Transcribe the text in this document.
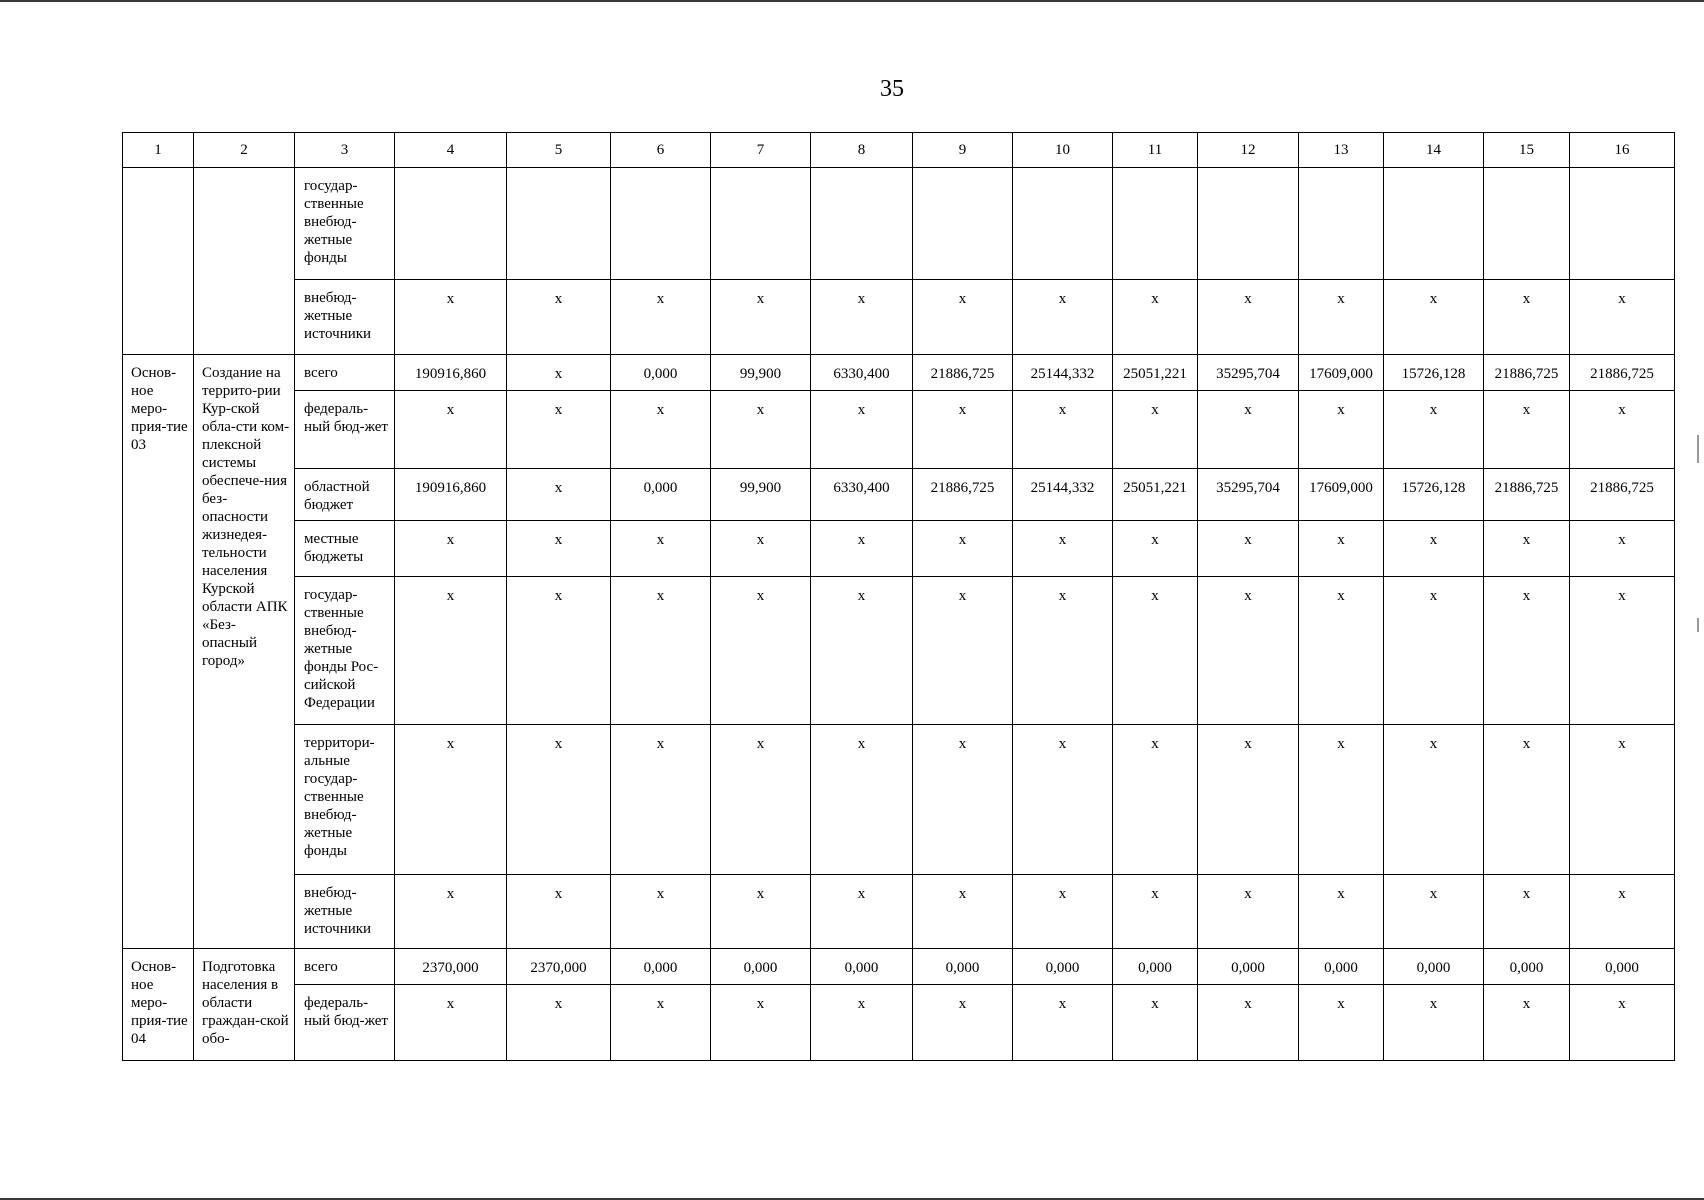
35
1	2	3	4	5	6	7	8	9	10	11	12	13	14	15	16
		государ-ственные внебюд-жетные фонды													
		внебюд-жетные источники	x	x	x	x	x	x	x	x	x	x	x	x	x
Основ-ное меро-прия-тие 03	Создание на террито-рии Кур-ской обла-сти ком-плексной системы обеспече-ния без-опасности жизнедея-тельности населения Курской области АПК «Без-опасный город»	всего	190916,860	x	0,000	99,900	6330,400	21886,725	25144,332	25051,221	35295,704	17609,000	15726,128	21886,725	21886,725
		федераль-ный бюд-жет	x	x	x	x	x	x	x	x	x	x	x	x	x
		областной бюджет	190916,860	x	0,000	99,900	6330,400	21886,725	25144,332	25051,221	35295,704	17609,000	15726,128	21886,725	21886,725
		местные бюджеты	x	x	x	x	x	x	x	x	x	x	x	x	x
		государ-ственные внебюд-жетные фонды Рос-сийской Федерации	x	x	x	x	x	x	x	x	x	x	x	x	x
		территори-альные государ-ственные внебюд-жетные фонды	x	x	x	x	x	x	x	x	x	x	x	x	x
		внебюд-жетные источники	x	x	x	x	x	x	x	x	x	x	x	x	x
Основ-ное меро-прия-тие 04	Подготовка населения в области граждан-ской обо-	всего	2370,000	2370,000	0,000	0,000	0,000	0,000	0,000	0,000	0,000	0,000	0,000	0,000	0,000
		федераль-ный бюд-жет	x	x	x	x	x	x	x	x	x	x	x	x	x
